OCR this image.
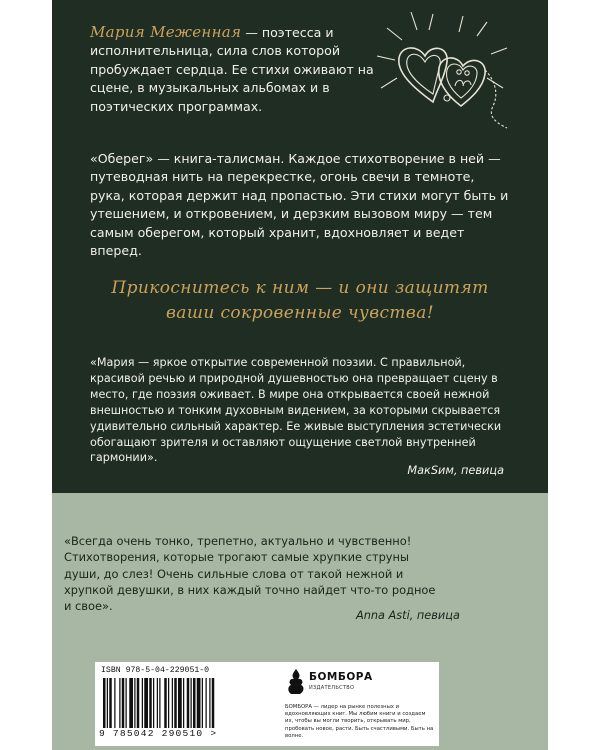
Мария Меженная — поэтесса и исполнительница, сила слов которой пробуждает сердца. Ее стихи оживают на сцене, в музыкальных альбомах и в поэтических программах.

«Оберег» — книга-талисман. Каждое стихотворение в ней — путеводная нить на перекрестке, огонь свечи в темноте, рука, которая держит над пропастью. Эти стихи могут быть и утешением, и откровением, и дерзким вызовом миру — тем самым оберегом, который хранит, вдохновляет и ведет вперед.

Прикоснитесь к ним — и они защитят
ваши сокровенные чувства!

«Мария — яркое открытие современной поэзии. С правильной, красивой речью и природной душевностью она превращает сцену в место, где поэзия оживает. В мире она открывается своей нежной внешностью и тонким духовным видением, за которыми скрывается удивительно сильный характер. Ее живые выступления эстетически обогащают зрителя и оставляют ощущение светлой внутренней гармонии».

МакSим, певица

«Всегда очень тонко, трепетно, актуально и чувственно! Стихотворения, которые трогают самые хрупкие струны души, до слез! Очень сильные слова от такой нежной и хрупкой девушки, в них каждый точно найдет что-то родное и свое».

Anna Asti, певица
ISBN 978-5-04-229051-0
9 785042 290510 >
БОМБОРА
ИЗДАТЕЛЬСТВО
БОМБОРА — лидер на рынке полезных и вдохновляющих книг. Мы любим книги и создаем их, чтобы вы могли творить, открывать мир, пробовать новое, расти. Быть счастливыми. Быть на волне.
